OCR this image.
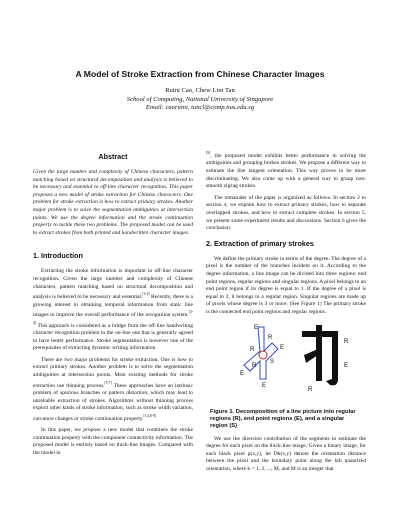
A Model of Stroke Extraction from Chinese Character Images

Ruini Cao, Chew Lim Tan

School of Computing, National University of Singapore

Email: caoruini, tancl@comp.nus.edu.sg

Abstract

Given the large number and complexity of Chinese characters, pattern matching based on structural decomposition and analysis is believed to be necessary and essential to off-line character recognition. This paper proposes a new model of stroke extraction for Chinese characters. One problem for stroke extraction is how to extract primary strokes. Another major problem is to solve the segmentation ambiguities at intersection points. We use the degree information and the stroke continuation property to tackle these two problems. The proposed model can be used to extract strokes from both printed and handwritten character images.

1. Introduction

Extracting the stroke information is important in off-line character recognition. Given the large number and complexity of Chinese characters, pattern matching based on structural decomposition and analysis is believed to be necessary and essential.[1-2] Recently, there is a growing interest in obtaining temporal information from static line images to improve the overall performance of the recognition system.[3-4] This approach is considered as a bridge from the off-line handwriting character recognition problem to the on-line one that is generally agreed to have better performance. Stroke segmentation is however one of the prerequisites of extracting dynamic writing information.

There are two major problems for stroke extraction. One is how to extract primary strokes. Another problem is to solve the segmentation ambiguities at intersection points. Most existing methods for stroke extraction use thinning process.[5-7] These approaches have an intrinsic problem of spurious branches or pattern distortion, which may lead to unreliable extraction of strokes. Algorithms without thinning process exploit other kinds of stroke information, such as stroke width variation, curvature changes or stroke continuation property.[1,4,8-9]

In this paper, we propose a new model that combines the stroke continuation property with the component connectivity information. The proposed model is entirely based on thick-line images. Compared with the model in

[9], the proposed model exhibits better performance in solving the ambiguities and grouping broken strokes. We propose a different way to estimate the line tangent orientation. This way proves to be more discriminating. We also come up with a general way to group non-smooth zigzag strokes.

The remainder of the paper is organized as follows. In section 2 to section 4, we explain how to extract primary strokes, how to separate overlapped strokes, and how to extract complete strokes. In section 5, we present some experiment results and discussions. Section 6 gives the conclusion.

2. Extraction of primary strokes

We define the primary stroke in terms of the degree. The degree of a pixel is the number of the branches incident on it. According to the degree information, a line image can be divided into three regions: end point regions, regular regions and singular regions. A pixel belongs to an end point region if its degree is equal to 1. If the degree of a pixel is equal to 2, it belongs to a regular region. Singular regions are made up of pixels whose degree is 3 or more. (See Figure 1) The primary stroke is the connected end point regions and regular regions.

E
R
R	E
S
R
E
E
R
E
R

Figure 1. Decomposition of a line picture into regular regions (R), end point regions (E), and a singular region (S)

We use the direction contribution of the segments to estimate the degree for each pixel on the thick-line image. Given a binary image, for each black pixel p(x,y), let Dk(x,y) denote the orientation distance between the pixel and the boundary point along the kth quantized orientation, where k = 1, 2, ..., M, and M is an integer that
